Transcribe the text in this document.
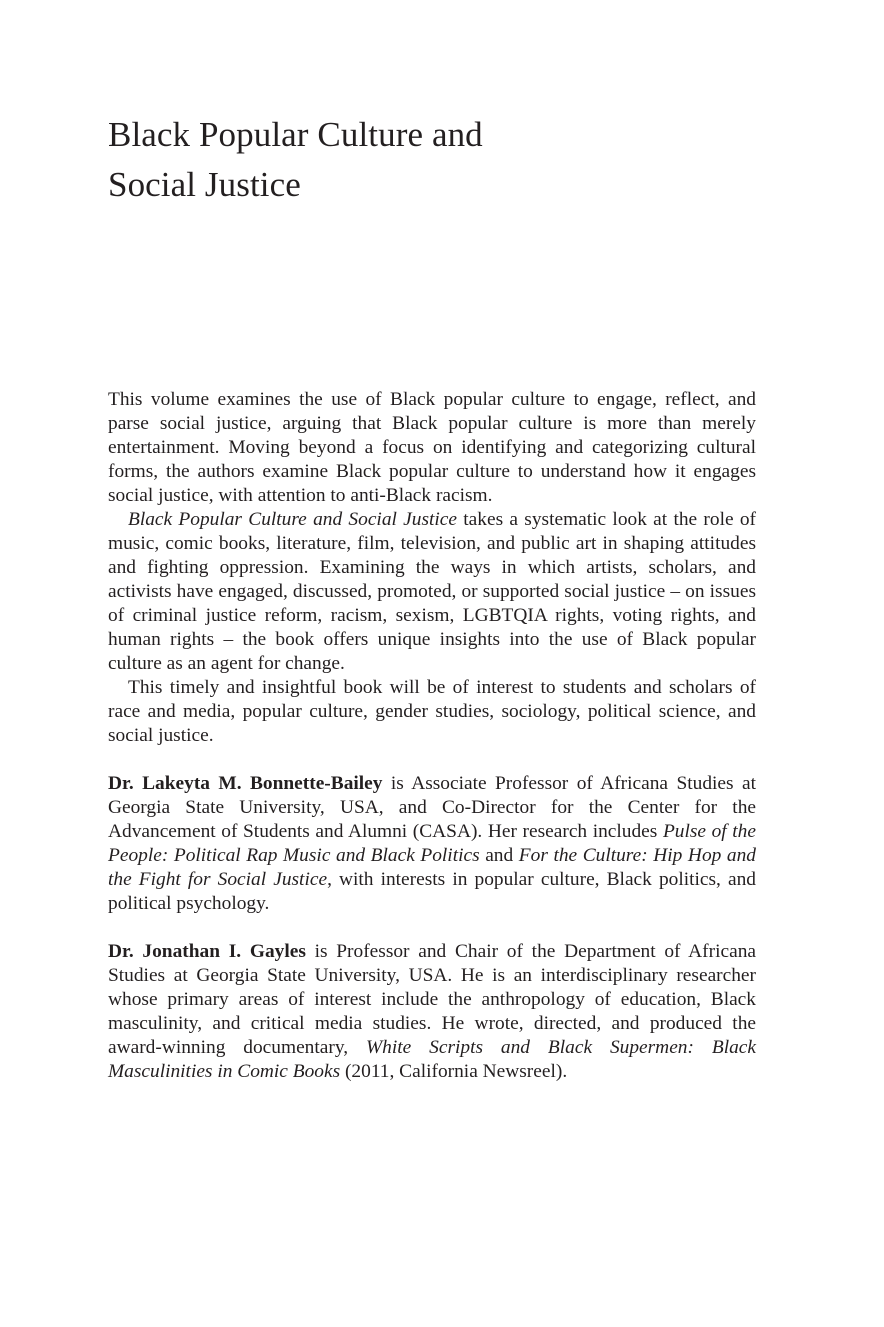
Black Popular Culture and
Social Justice

This volume examines the use of Black popular culture to engage, reflect, and parse social justice, arguing that Black popular culture is more than merely entertainment. Moving beyond a focus on identifying and categorizing cultural forms, the authors examine Black popular culture to understand how it engages social justice, with attention to anti-Black racism.

Black Popular Culture and Social Justice takes a systematic look at the role of music, comic books, literature, film, television, and public art in shaping attitudes and fighting oppression. Examining the ways in which artists, scholars, and activists have engaged, discussed, promoted, or supported social justice – on issues of criminal justice reform, racism, sexism, LGBTQIA rights, voting rights, and human rights – the book offers unique insights into the use of Black popular culture as an agent for change.

This timely and insightful book will be of interest to students and scholars of race and media, popular culture, gender studies, sociology, political science, and social justice.

Dr. Lakeyta M. Bonnette-Bailey is Associate Professor of Africana Studies at Georgia State University, USA, and Co-Director for the Center for the Advancement of Students and Alumni (CASA). Her research includes Pulse of the People: Political Rap Music and Black Politics and For the Culture: Hip Hop and the Fight for Social Justice, with interests in popular culture, Black politics, and political psychology.

Dr. Jonathan I. Gayles is Professor and Chair of the Department of Africana Studies at Georgia State University, USA. He is an interdisciplinary researcher whose primary areas of interest include the anthropology of education, Black masculinity, and critical media studies. He wrote, directed, and produced the award-winning documentary, White Scripts and Black Supermen: Black Masculinities in Comic Books (2011, California Newsreel).
